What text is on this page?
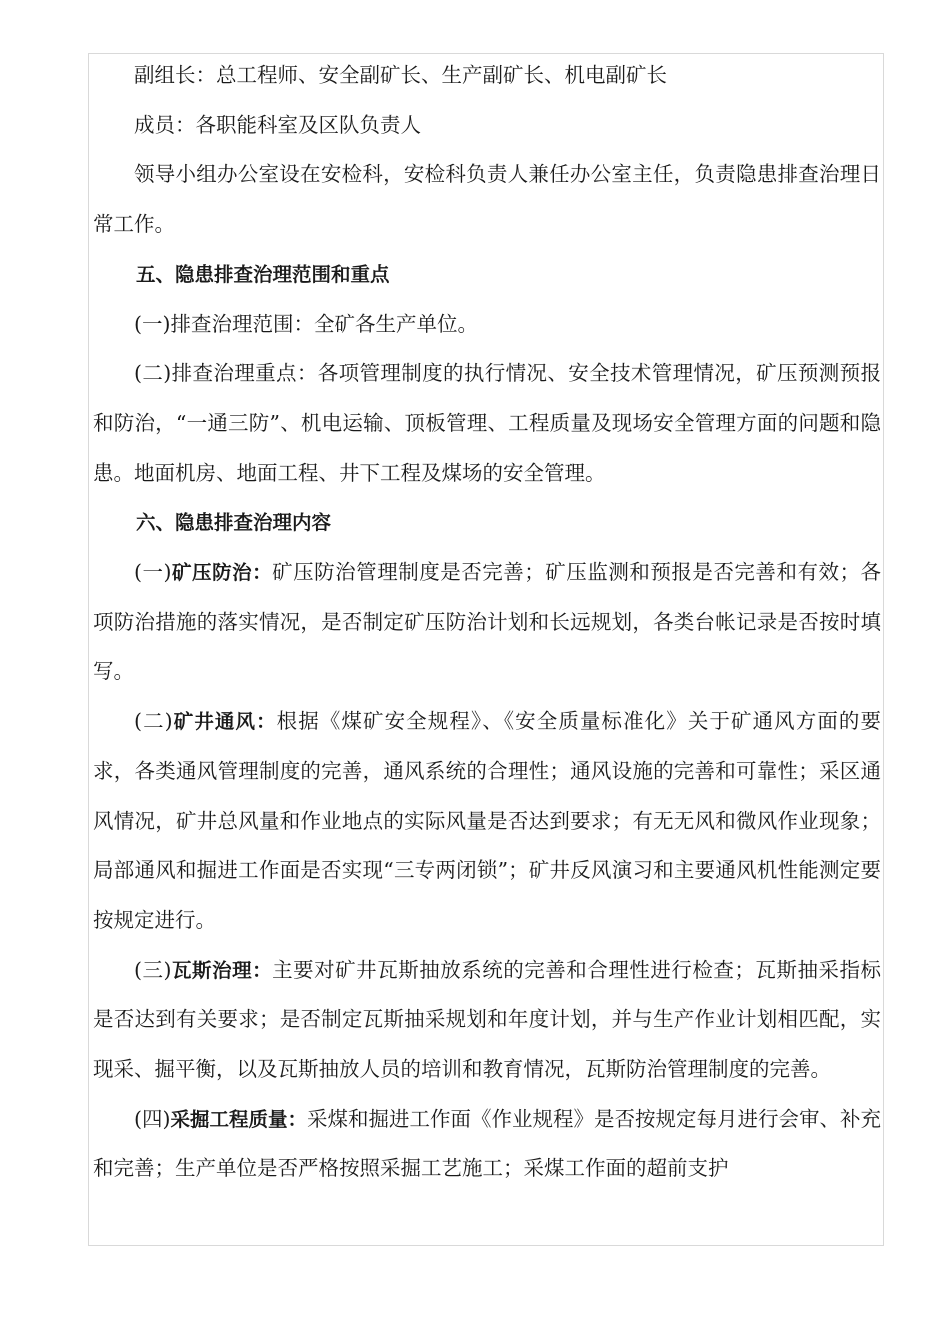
副组长：总工程师、安全副矿长、生产副矿长、机电副矿长

成员：各职能科室及区队负责人

领导小组办公室设在安检科，安检科负责人兼任办公室主任，负责隐患排查治理日常工作。

五、隐患排查治理范围和重点

(一)排查治理范围：全矿各生产单位。

(二)排查治理重点：各项管理制度的执行情况、安全技术管理情况，矿压预测预报和防治，“一通三防”、机电运输、顶板管理、工程质量及现场安全管理方面的问题和隐患。地面机房、地面工程、井下工程及煤场的安全管理。

六、隐患排查治理内容

(一)矿压防治：矿压防治管理制度是否完善；矿压监测和预报是否完善和有效；各项防治措施的落实情况，是否制定矿压防治计划和长远规划，各类台帐记录是否按时填写。

(二)矿井通风：根据《煤矿安全规程》、《安全质量标准化》关于矿通风方面的要求，各类通风管理制度的完善，通风系统的合理性；通风设施的完善和可靠性；采区通风情况，矿井总风量和作业地点的实际风量是否达到要求；有无无风和微风作业现象；局部通风和掘进工作面是否实现“三专两闭锁”；矿井反风演习和主要通风机性能测定要按规定进行。

(三)瓦斯治理：主要对矿井瓦斯抽放系统的完善和合理性进行检查；瓦斯抽采指标是否达到有关要求；是否制定瓦斯抽采规划和年度计划，并与生产作业计划相匹配，实现采、掘平衡，以及瓦斯抽放人员的培训和教育情况，瓦斯防治管理制度的完善。

(四)采掘工程质量：采煤和掘进工作面《作业规程》是否按规定每月进行会审、补充和完善；生产单位是否严格按照采掘工艺施工；采煤工作面的超前支护
